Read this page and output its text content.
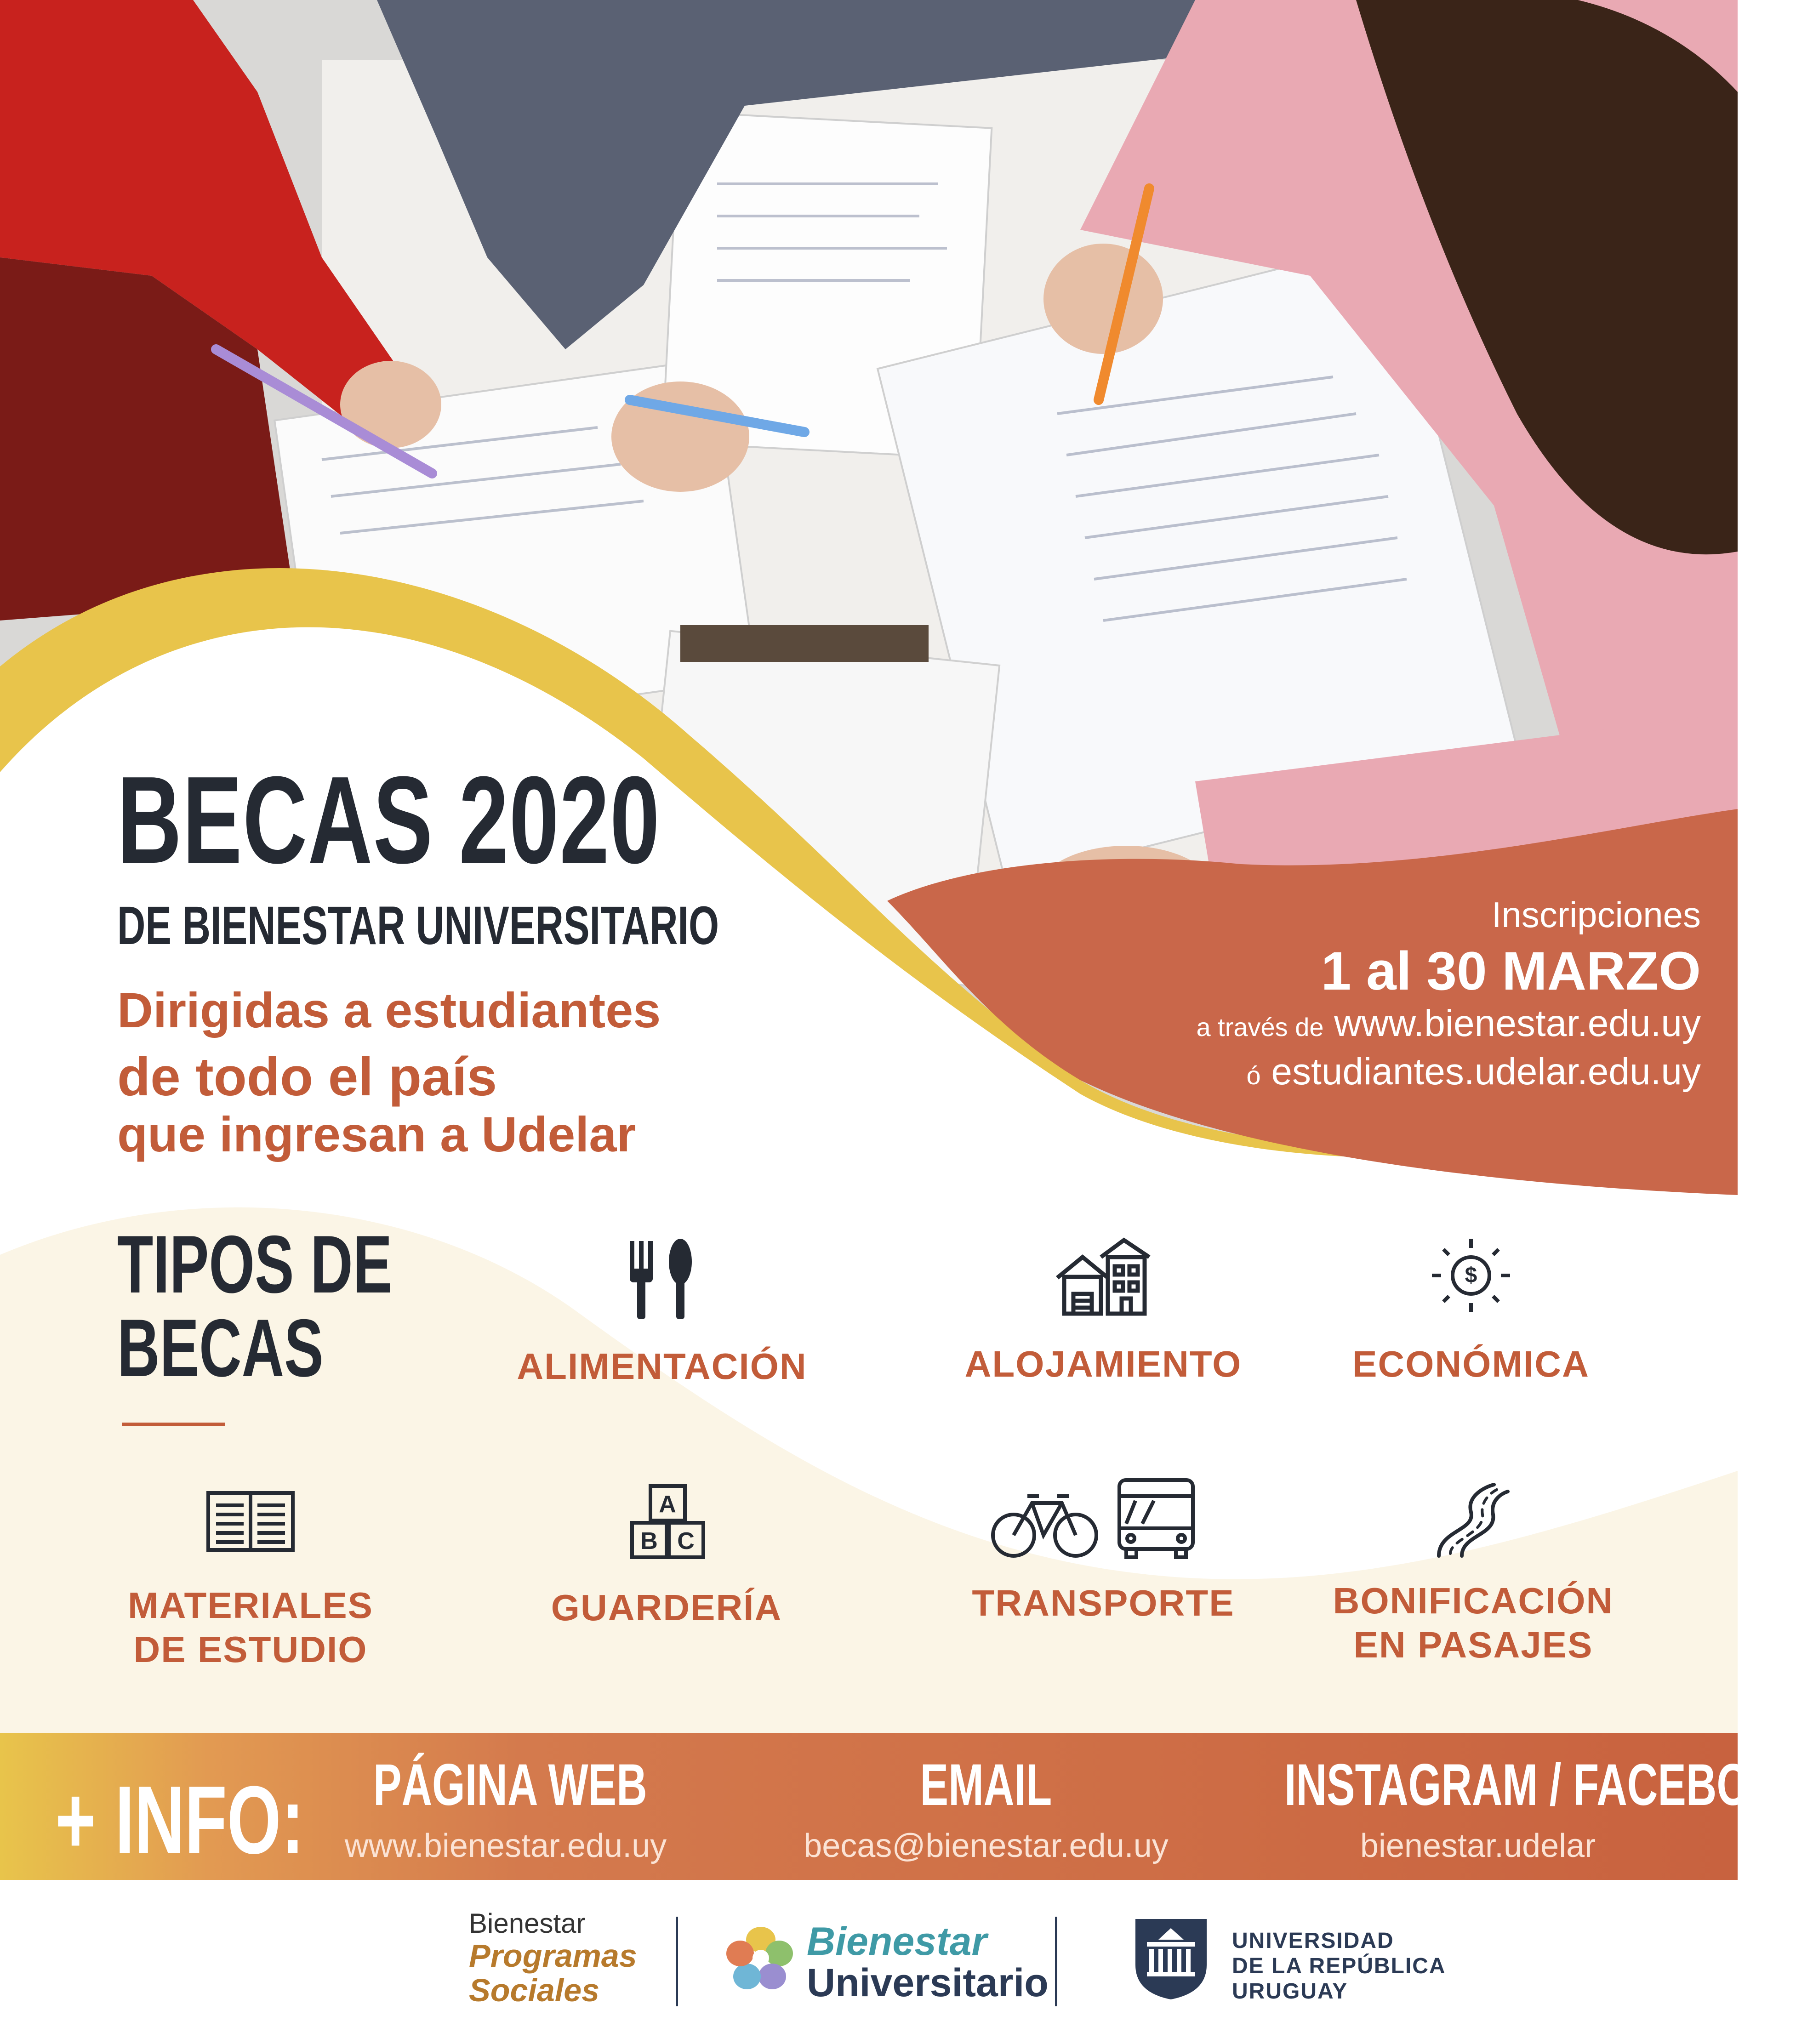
BECAS 2020
DE BIENESTAR UNIVERSITARIO
Dirigidas a estudiantes
de todo el país
que ingresan a Udelar
Inscripciones
1 al 30 MARZO
a través de www.bienestar.edu.uy
ó estudiantes.udelar.edu.uy
TIPOS DE
BECAS	ALIMENTACIÓN	ALOJAMIENTO
$
ECONÓMICA
MATERIALES
DE ESTUDIO
A
B C
GUARDERÍA	TRANSPORTE	BONIFICACIÓN
EN PASAJES
+ INFO: PÁGINA WEB
www.bienestar.edu.uy
EMAIL
becas@bienestar.edu.uy
INSTAGRAM / FACEBOOK
bienestar.udelar
Bienestar
Programas
Sociales
Bienestar
Universitario
UNIVERSIDAD
DE LA REPÚBLICA
URUGUAY
